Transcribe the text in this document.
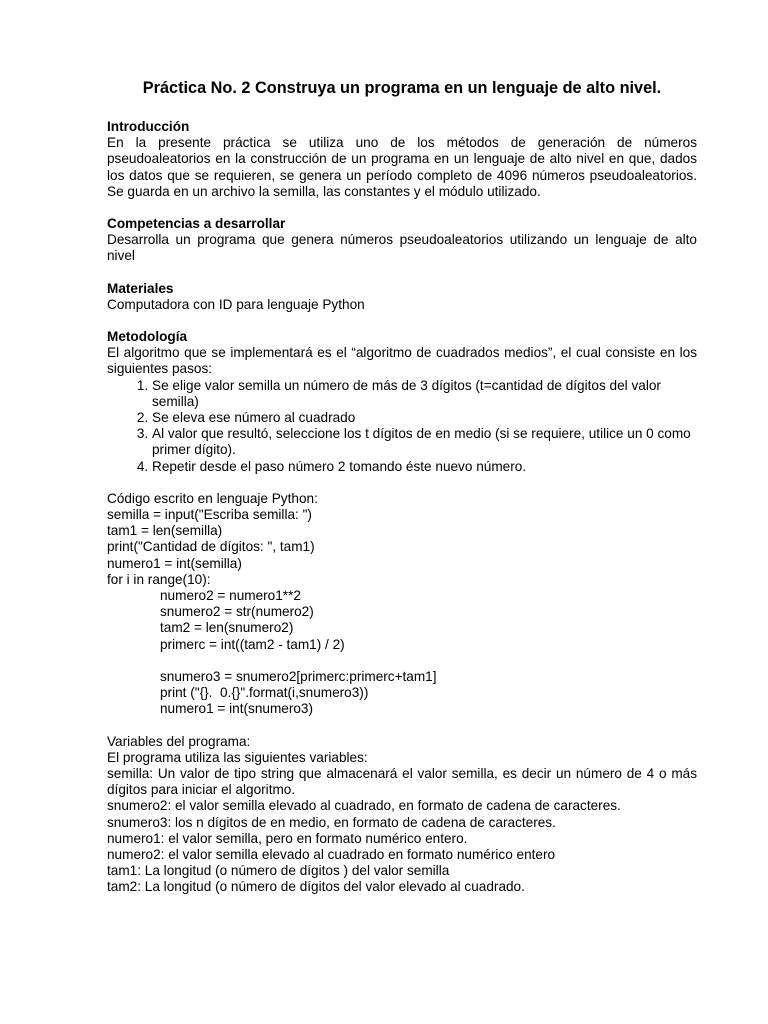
Práctica No. 2 Construya un programa en un lenguaje de alto nivel.
Introducción

En la presente práctica se utiliza uno de los métodos de generación de números pseudoaleatorios en la construcción de un programa en un lenguaje de alto nivel en que, dados los datos que se requieren, se genera un período completo de 4096 números pseudoaleatorios. Se guarda en un archivo la semilla, las constantes y el módulo utilizado.

Competencias a desarrollar

Desarrolla un programa que genera números pseudoaleatorios utilizando un lenguaje de alto nivel

Materiales

Computadora con ID para lenguaje Python

Metodología

El algoritmo que se implementará es el “algoritmo de cuadrados medios”, el cual consiste en los siguientes pasos:

1. Se elige valor semilla un número de más de 3 dígitos (t=cantidad de dígitos del valor semilla)
2. Se eleva ese número al cuadrado
3. Al valor que resultó, seleccione los t dígitos de en medio (si se requiere, utilice un 0 como primer dígito).
4. Repetir desde el paso número 2 tomando éste nuevo número.
Código escrito en lenguaje Python:
semilla = input("Escriba semilla: ")
tam1 = len(semilla)
print("Cantidad de dígitos: ", tam1)
numero1 = int(semilla)
for i in range(10):
numero2 = numero1**2
snumero2 = str(numero2)
tam2 = len(snumero2)
primerc = int((tam2 - tam1) / 2)
snumero3 = snumero2[primerc:primerc+tam1]
print ("{}.  0.{}".format(i,snumero3))
numero1 = int(snumero3)
Variables del programa:
El programa utiliza las siguientes variables:
semilla: Un valor de tipo string que almacenará el valor semilla, es decir un número de 4 o más dígitos para iniciar el algoritmo.
snumero2: el valor semilla elevado al cuadrado, en formato de cadena de caracteres.
snumero3: los n dígitos de en medio, en formato de cadena de caracteres.
numero1: el valor semilla, pero en formato numérico entero.
numero2: el valor semilla elevado al cuadrado en formato numérico entero
tam1: La longitud (o número de dígitos ) del valor semilla
tam2: La longitud (o número de dígitos del valor elevado al cuadrado.
